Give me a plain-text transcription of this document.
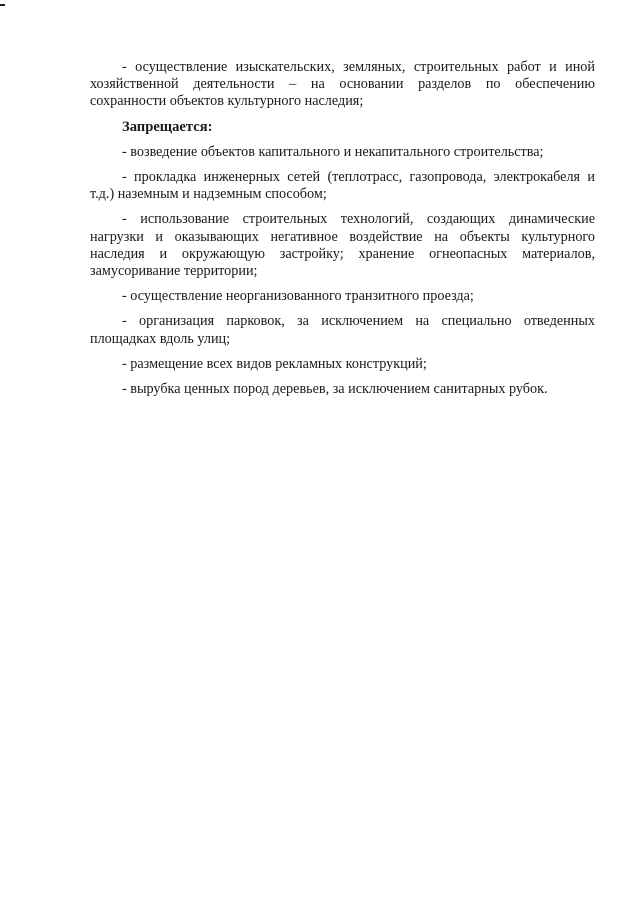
- осуществление изыскательских, земляных, строительных работ и иной хозяйственной деятельности – на основании разделов по обеспечению сохранности объектов культурного наследия;

Запрещается:

- возведение объектов капитального и некапитального строительства;

- прокладка инженерных сетей (теплотрасс, газопровода, электрокабеля и т.д.) наземным и надземным способом;

- использование строительных технологий, создающих динамические нагрузки и оказывающих негативное воздействие на объекты культурного наследия и окружающую застройку; хранение огнеопасных материалов, замусоривание территории;

- осуществление неорганизованного транзитного проезда;

- организация парковок, за исключением на специально отведенных площадках вдоль улиц;

- размещение всех видов рекламных конструкций;

- вырубка ценных пород деревьев, за исключением санитарных рубок.
